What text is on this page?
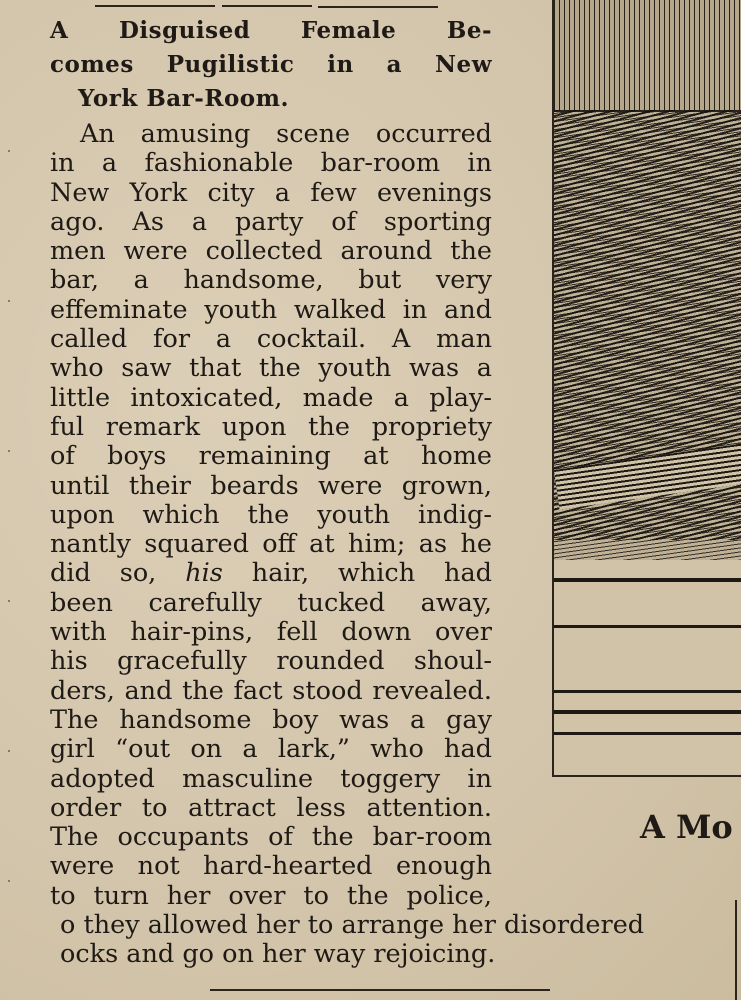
A Disguised Female Be-
comes Pugilistic in a New
York Bar-Room.
An amusing scene occurred
in a fashionable bar-room in
New York city a few evenings
ago. As a party of sporting
men were collected around the
bar, a handsome, but very
effeminate youth walked in and
called for a cocktail. A man
who saw that the youth was a
little intoxicated, made a play-
ful remark upon the propriety
of boys remaining at home
until their beards were grown,
upon which the youth indig-
nantly squared off at him; as he
did so, his hair, which had
been carefully tucked away,
with hair-pins, fell down over
his gracefully rounded shoul-
ders, and the fact stood revealed.
The handsome boy was a gay
girl “out on a lark,” who had
adopted masculine toggery in
order to attract less attention.
The occupants of the bar-room
were not hard-hearted enough
to turn her over to the police,
o they allowed her to arrange her disordered
ocks and go on her way rejoicing.
A Mo
